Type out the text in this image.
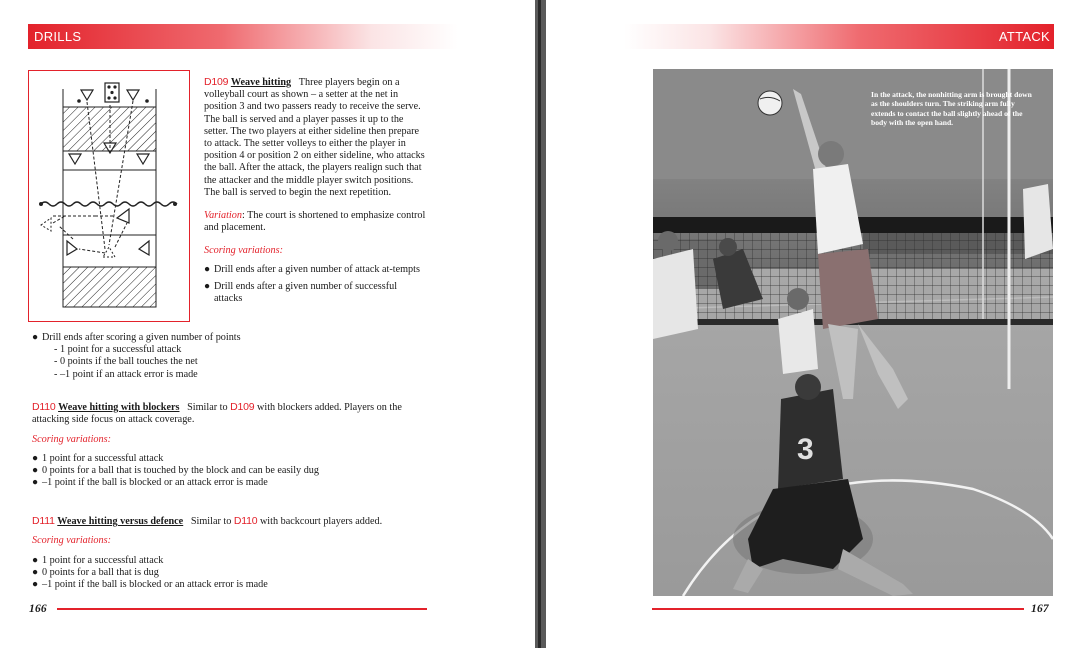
DRILLS
D109 Weave hitting Three players begin on a volleyball court as shown – a setter at the net in position 3 and two passers ready to receive the serve. The ball is served and a player passes it up to the setter. The two players at either sideline then prepare to attack. The setter volleys to either the player in position 4 or position 2 on either sideline, who attacks the ball. After the attack, the players realign such that the attacker and the middle player switch positions. The ball is served to begin the next repetition.
Variation: The court is shortened to emphasize control and placement.
Scoring variations:
● Drill ends after a given number of attack at-tempts
● Drill ends after a given number of successful attacks
● Drill ends after scoring a given number of points
- 1 point for a successful attack
- 0 points if the ball touches the net
- –1 point if an attack error is made
D110 Weave hitting with blockers Similar to D109 with blockers added. Players on the attacking side focus on attack coverage.
Scoring variations:
● 1 point for a successful attack
● 0 points for a ball that is touched by the block and can be easily dug
● –1 point if the ball is blocked or an attack error is made
D111 Weave hitting versus defence Similar to D110 with backcourt players added.
Scoring variations:
● 1 point for a successful attack
● 0 points for a ball that is dug
● –1 point if the ball is blocked or an attack error is made
166
ATTACK
3
In the attack, the nonhitting arm is brought down as the shoulders turn. The striking arm fully extends to contact the ball slightly ahead of the body with the open hand.
167
